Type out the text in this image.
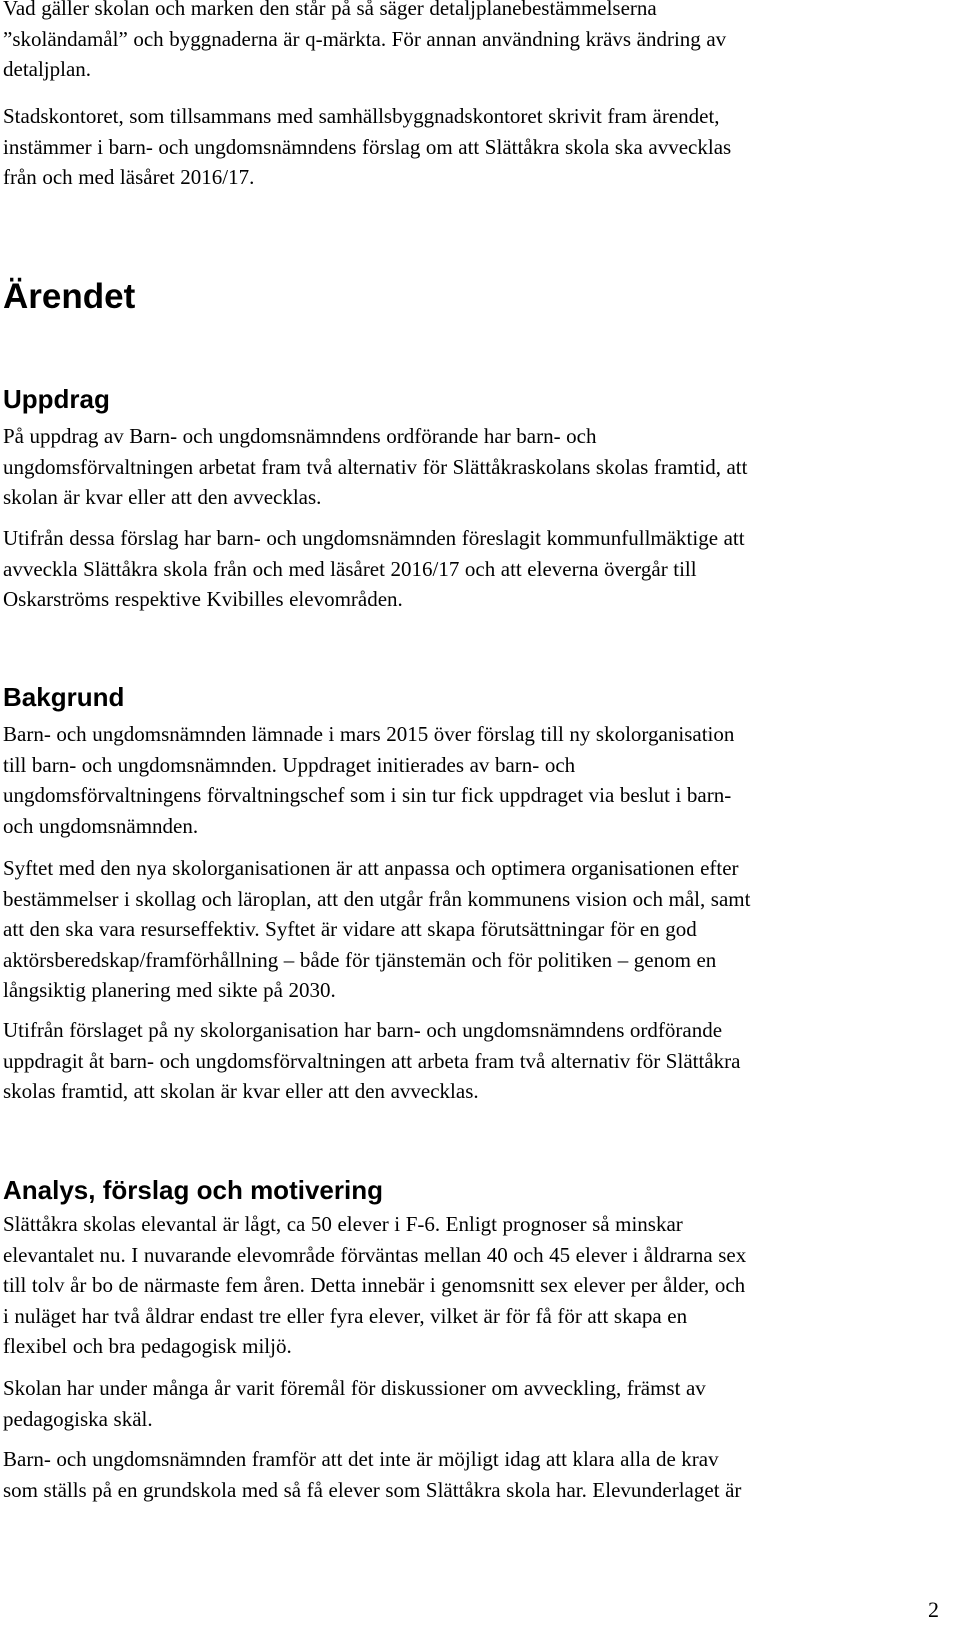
Vad gäller skolan och marken den står på så säger detaljplanebestämmelserna
”skoländamål” och byggnaderna är q-märkta. För annan användning krävs ändring av
detaljplan.

Stadskontoret, som tillsammans med samhällsbyggnadskontoret skrivit fram ärendet,
instämmer i barn- och ungdomsnämndens förslag om att Slättåkra skola ska avvecklas
från och med läsåret 2016/17.

Ärendet
Uppdrag

På uppdrag av Barn- och ungdomsnämndens ordförande har barn- och
ungdomsförvaltningen arbetat fram två alternativ för Slättåkraskolans skolas framtid, att
skolan är kvar eller att den avvecklas.

Utifrån dessa förslag har barn- och ungdomsnämnden föreslagit kommunfullmäktige att
avveckla Slättåkra skola från och med läsåret 2016/17 och att eleverna övergår till
Oskarströms respektive Kvibilles elevområden.

Bakgrund

Barn- och ungdomsnämnden lämnade i mars 2015 över förslag till ny skolorganisation
till barn- och ungdomsnämnden. Uppdraget initierades av barn- och
ungdomsförvaltningens förvaltningschef som i sin tur fick uppdraget via beslut i barn-
och ungdomsnämnden.

Syftet med den nya skolorganisationen är att anpassa och optimera organisationen efter
bestämmelser i skollag och läroplan, att den utgår från kommunens vision och mål, samt
att den ska vara resurseffektiv. Syftet är vidare att skapa förutsättningar för en god
aktörsberedskap/framförhållning – både för tjänstemän och för politiken – genom en
långsiktig planering med sikte på 2030.

Utifrån förslaget på ny skolorganisation har barn- och ungdomsnämndens ordförande
uppdragit åt barn- och ungdomsförvaltningen att arbeta fram två alternativ för Slättåkra
skolas framtid, att skolan är kvar eller att den avvecklas.

Analys, förslag och motivering

Slättåkra skolas elevantal är lågt, ca 50 elever i F-6. Enligt prognoser så minskar
elevantalet nu. I nuvarande elevområde förväntas mellan 40 och 45 elever i åldrarna sex
till tolv år bo de närmaste fem åren. Detta innebär i genomsnitt sex elever per ålder, och
i nuläget har två åldrar endast tre eller fyra elever, vilket är för få för att skapa en
flexibel och bra pedagogisk miljö.

Skolan har under många år varit föremål för diskussioner om avveckling, främst av
pedagogiska skäl.

Barn- och ungdomsnämnden framför att det inte är möjligt idag att klara alla de krav
som ställs på en grundskola med så få elever som Slättåkra skola har. Elevunderlaget är

2
